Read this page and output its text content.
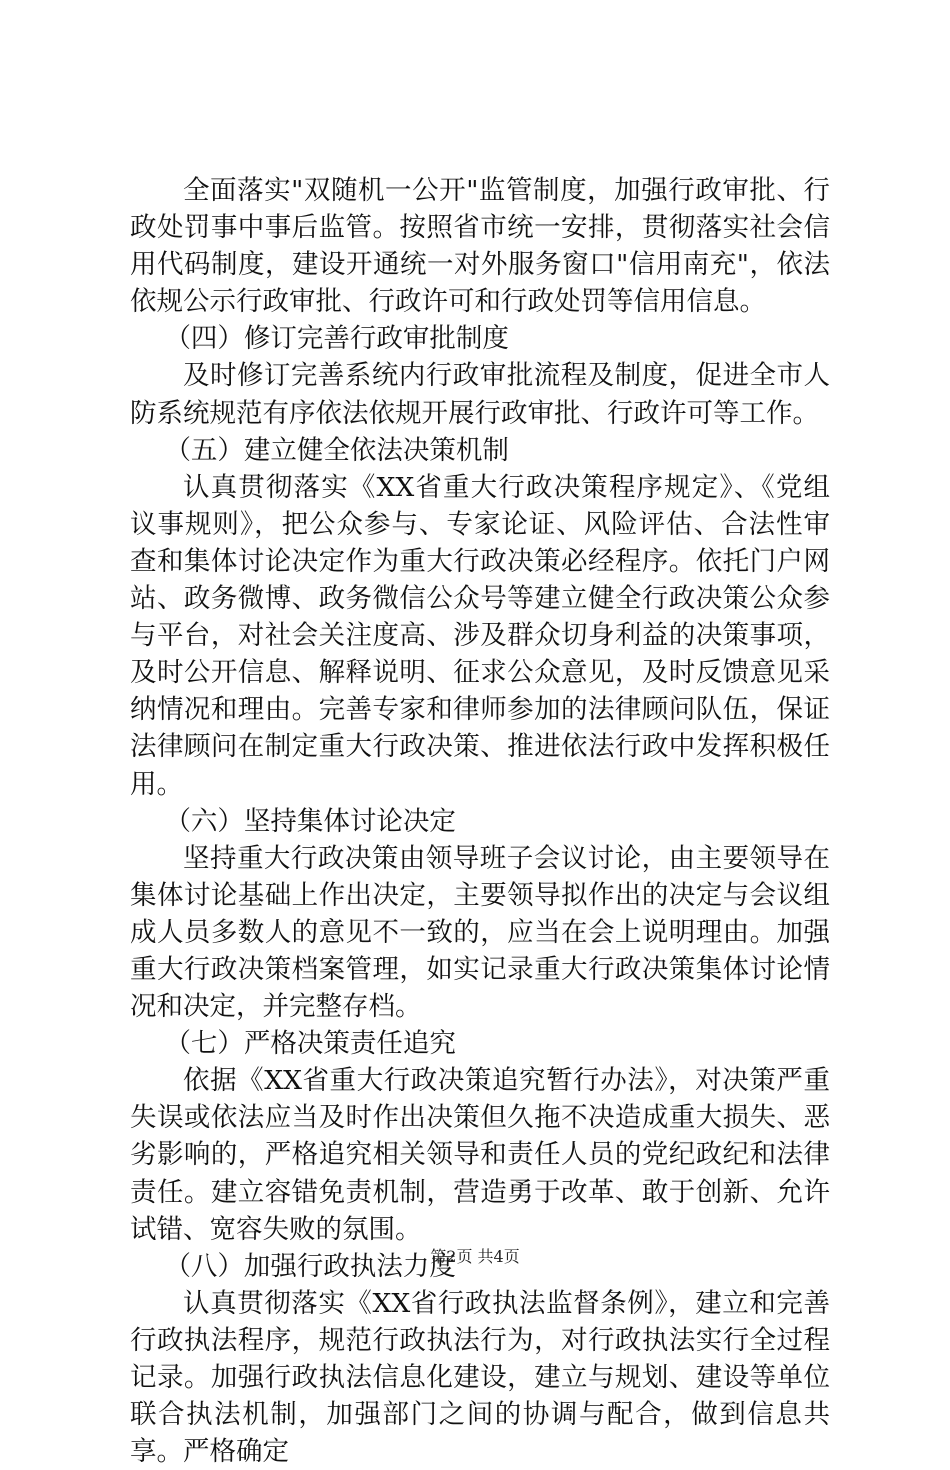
全面落实"双随机一公开"监管制度，加强行政审批、行政处罚事中事后监管。按照省市统一安排，贯彻落实社会信用代码制度，建设开通统一对外服务窗口"信用南充"，依法依规公示行政审批、行政许可和行政处罚等信用信息。

（四）修订完善行政审批制度

及时修订完善系统内行政审批流程及制度，促进全市人防系统规范有序依法依规开展行政审批、行政许可等工作。

（五）建立健全依法决策机制

认真贯彻落实《XX省重大行政决策程序规定》、《党组议事规则》，把公众参与、专家论证、风险评估、合法性审查和集体讨论决定作为重大行政决策必经程序。依托门户网站、政务微博、政务微信公众号等建立健全行政决策公众参与平台，对社会关注度高、涉及群众切身利益的决策事项，及时公开信息、解释说明、征求公众意见，及时反馈意见采纳情况和理由。完善专家和律师参加的法律顾问队伍，保证法律顾问在制定重大行政决策、推进依法行政中发挥积极任用。

（六）坚持集体讨论决定

坚持重大行政决策由领导班子会议讨论，由主要领导在集体讨论基础上作出决定，主要领导拟作出的决定与会议组成人员多数人的意见不一致的，应当在会上说明理由。加强重大行政决策档案管理，如实记录重大行政决策集体讨论情况和决定，并完整存档。

（七）严格决策责任追究

依据《XX省重大行政决策追究暂行办法》，对决策严重失误或依法应当及时作出决策但久拖不决造成重大损失、恶劣影响的，严格追究相关领导和责任人员的党纪政纪和法律责任。建立容错免责机制，营造勇于改革、敢于创新、允许试错、宽容失败的氛围。

（八）加强行政执法力度

认真贯彻落实《XX省行政执法监督条例》，建立和完善行政执法程序，规范行政执法行为，对行政执法实行全过程记录。加强行政执法信息化建设，建立与规划、建设等单位联合执法机制，加强部门之间的协调与配合，做到信息共享。严格确定

第2页 共4页
